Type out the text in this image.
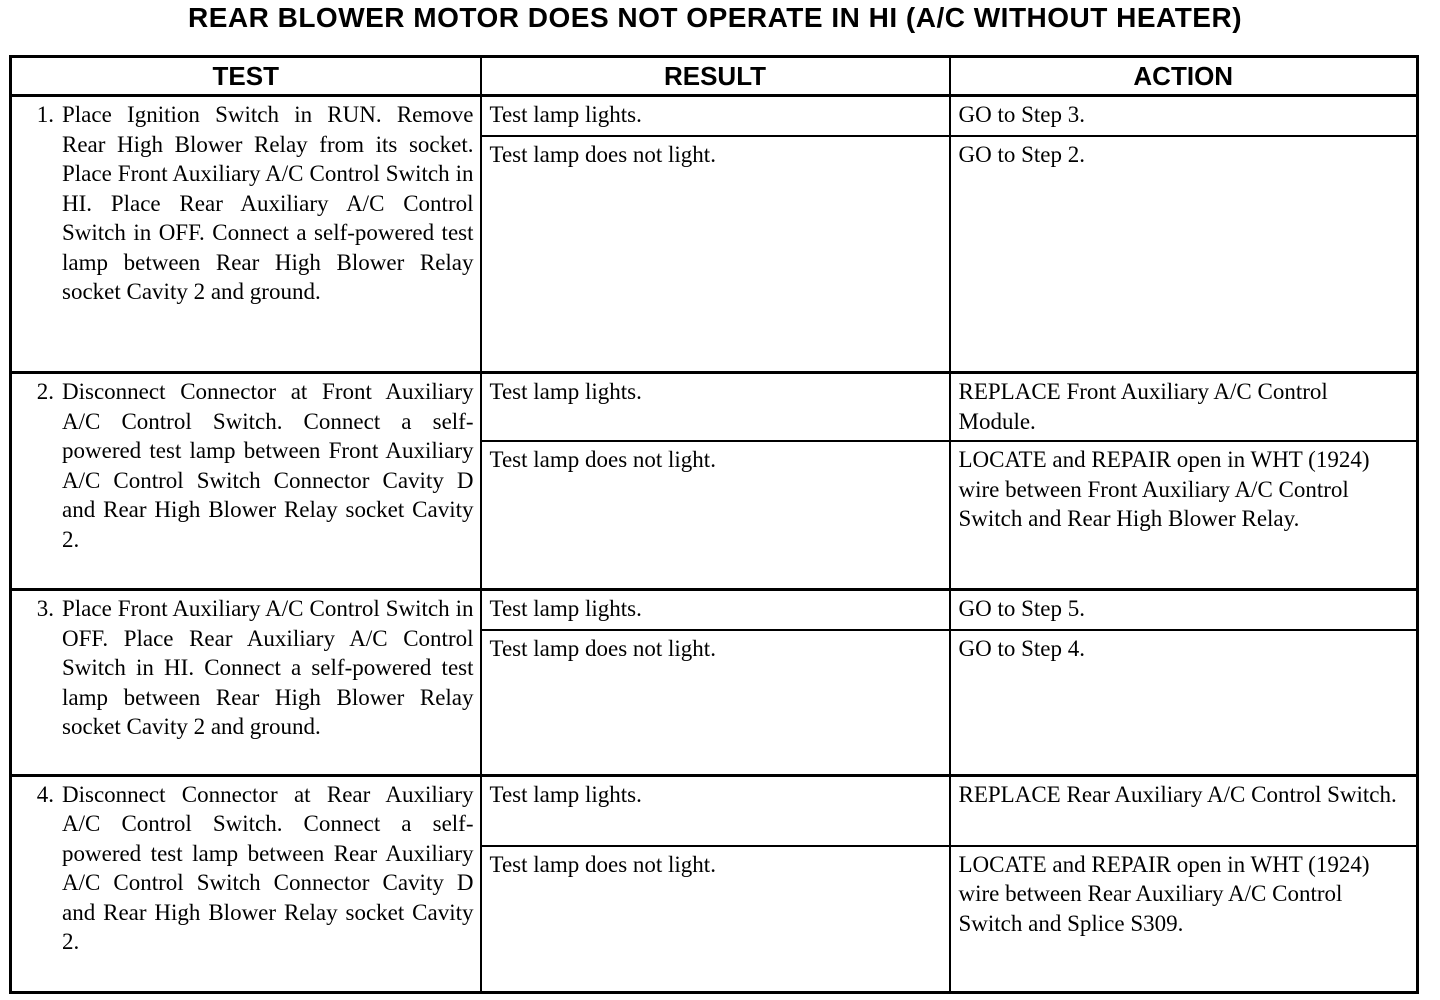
REAR BLOWER MOTOR DOES NOT OPERATE IN HI (A/C WITHOUT HEATER)
TEST	RESULT	ACTION

1. Place Ignition Switch in RUN. Remove Rear High Blower Relay from its socket. Place Front Auxiliary A/C Control Switch in HI. Place Rear Auxiliary A/C Control Switch in OFF. Connect a self-powered test lamp between Rear High Blower Relay socket Cavity 2 and ground.	Test lamp lights.	GO to Step 3.
	Test lamp does not light.	GO to Step 2.

2. Disconnect Connector at Front Auxiliary A/C Control Switch. Connect a self-powered test lamp between Front Auxiliary A/C Control Switch Connector Cavity D and Rear High Blower Relay socket Cavity 2.	Test lamp lights.	REPLACE Front Auxiliary A/C Control Module.
	Test lamp does not light.	LOCATE and REPAIR open in WHT (1924) wire between Front Auxiliary A/C Control Switch and Rear High Blower Relay.

3. Place Front Auxiliary A/C Control Switch in OFF. Place Rear Auxiliary A/C Control Switch in HI. Connect a self-powered test lamp between Rear High Blower Relay socket Cavity 2 and ground.	Test lamp lights.	GO to Step 5.
	Test lamp does not light.	GO to Step 4.

4. Disconnect Connector at Rear Auxiliary A/C Control Switch. Connect a self-powered test lamp between Rear Auxiliary A/C Control Switch Connector Cavity D and Rear High Blower Relay socket Cavity 2.	Test lamp lights.	REPLACE Rear Auxiliary A/C Control Switch.
	Test lamp does not light.	LOCATE and REPAIR open in WHT (1924) wire between Rear Auxiliary A/C Control Switch and Splice S309.
